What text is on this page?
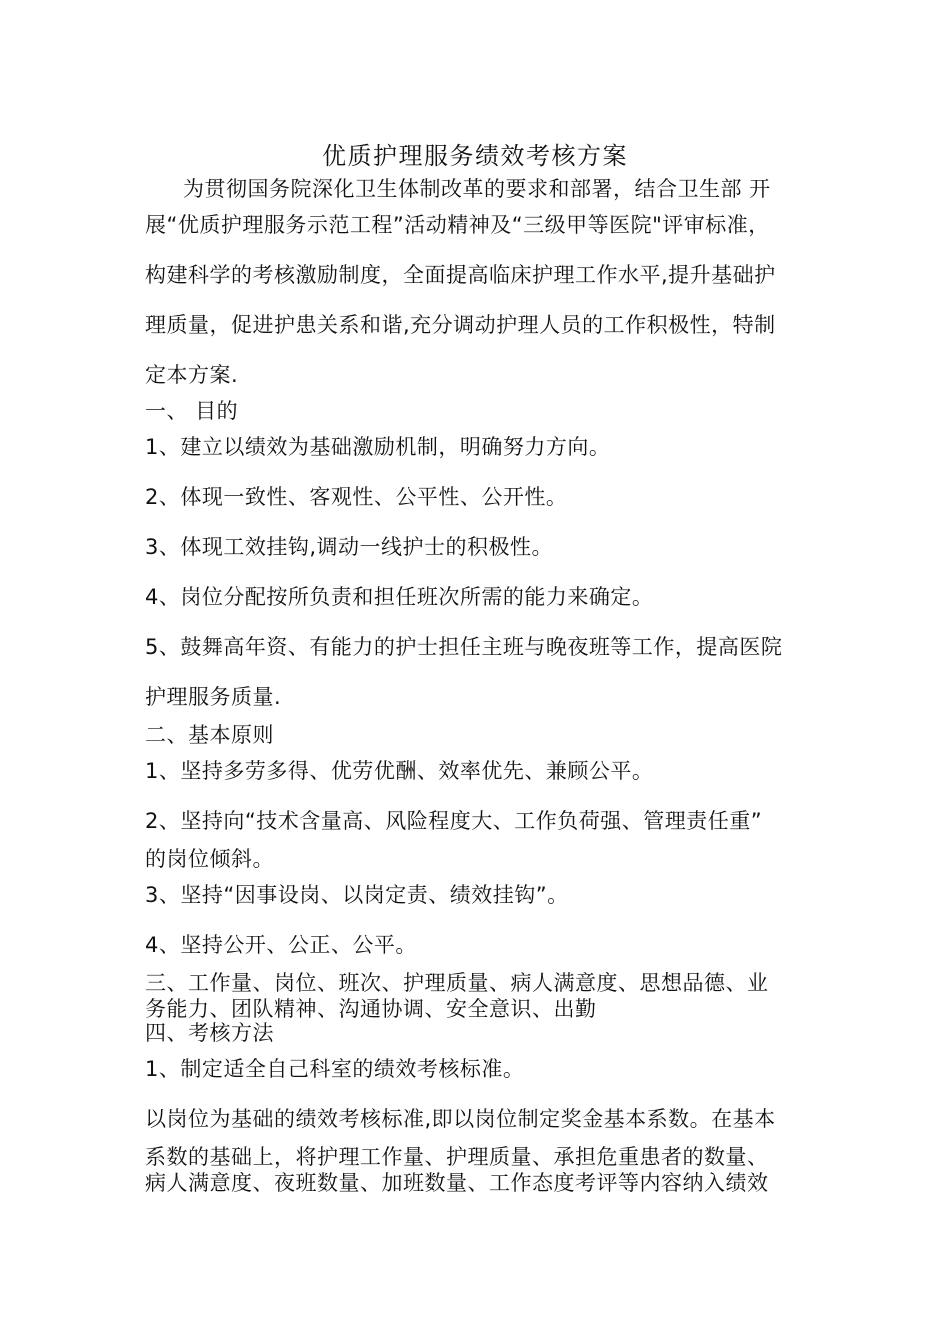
优质护理服务绩效考核方案
为贯彻国务院深化卫生体制改革的要求和部署，结合卫生部 开
展“优质护理服务示范工程”活动精神及“三级甲等医院"评审标准，
构建科学的考核激励制度，全面提高临床护理工作水平,提升基础护
理质量，促进护患关系和谐,充分调动护理人员的工作积极性，特制
定本方案.
一、 目的
1、建立以绩效为基础激励机制，明确努力方向。
2、体现一致性、客观性、公平性、公开性。
3、体现工效挂钩,调动一线护士的积极性。
4、岗位分配按所负责和担任班次所需的能力来确定。
5、鼓舞高年资、有能力的护士担任主班与晚夜班等工作，提高医院
护理服务质量.
二、基本原则
1、坚持多劳多得、优劳优酬、效率优先、兼顾公平。
2、坚持向“技术含量高、风险程度大、工作负荷强、管理责任重”
的岗位倾斜。
3、坚持“因事设岗、以岗定责、绩效挂钩”。
4、坚持公开、公正、公平。
三、工作量、岗位、班次、护理质量、病人满意度、思想品德、业
务能力、团队精神、沟通协调、安全意识、出勤
四、考核方法
1、制定适全自己科室的绩效考核标准。
以岗位为基础的绩效考核标准,即以岗位制定奖金基本系数。在基本
系数的基础上，将护理工作量、护理质量、承担危重患者的数量、
病人满意度、夜班数量、加班数量、工作态度考评等内容纳入绩效
